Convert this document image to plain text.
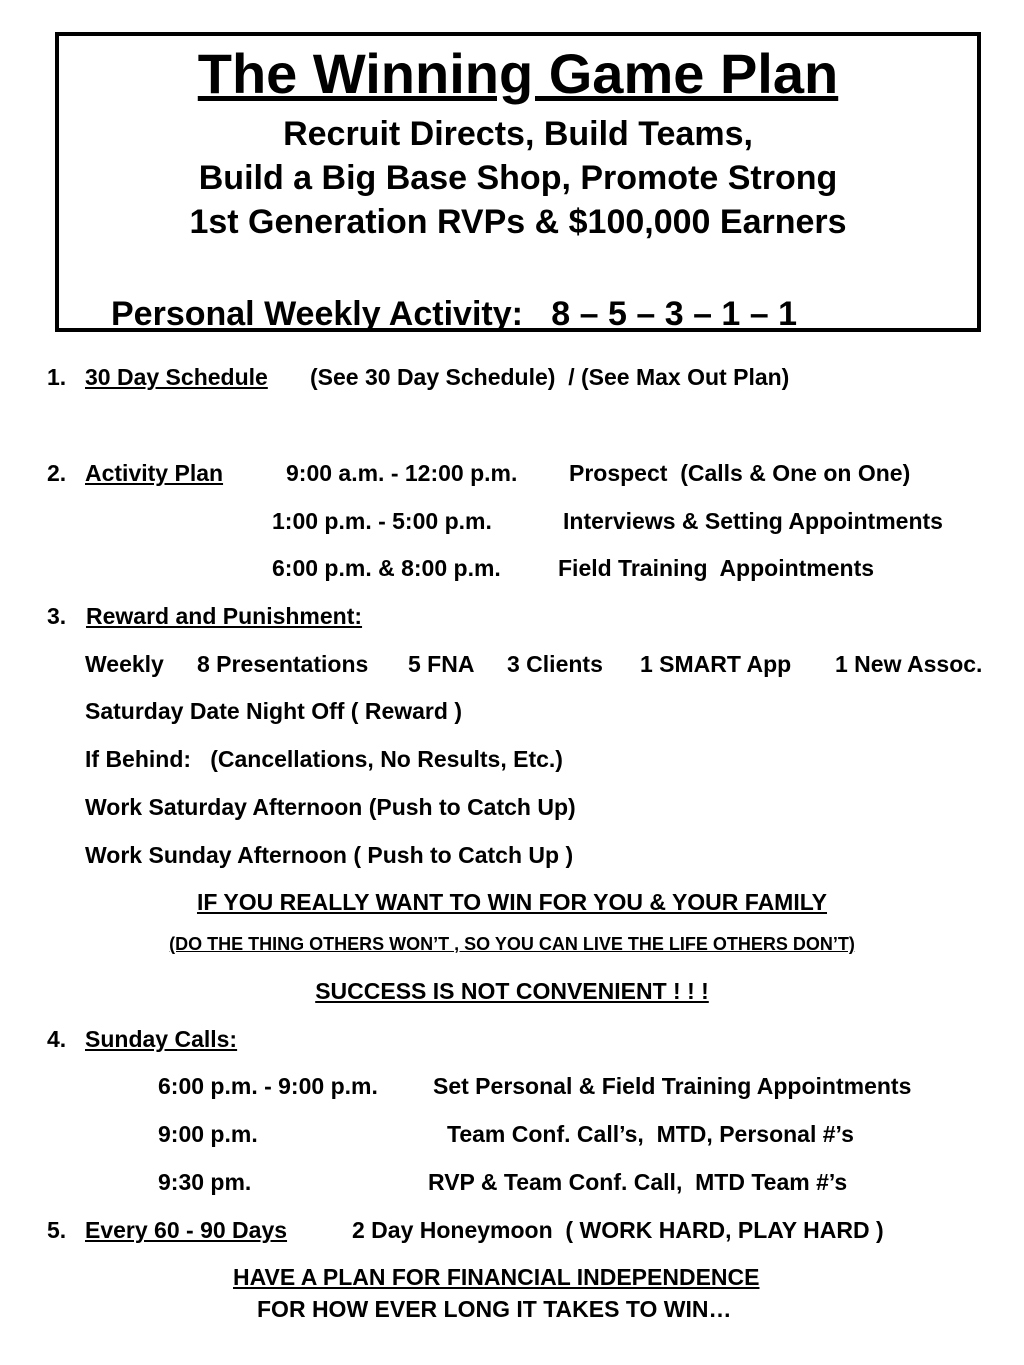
The Winning Game Plan
Recruit Directs, Build Teams,
Build a Big Base Shop, Promote Strong
1st Generation RVPs & $100,000 Earners
Personal Weekly Activity:   8 – 5 – 3 – 1 – 1
1. 30 Day Schedule (See 30 Day Schedule)  / (See Max Out Plan)
2. Activity Plan	9:00 a.m. - 12:00 p.m. Prospect  (Calls & One on One)
1:00 p.m. - 5:00 p.m.	Interviews & Setting Appointments
6:00 p.m. & 8:00 p.m. Field Training  Appointments
3. Reward and Punishment:
Weekly 8 Presentations 5 FNA 3 Clients 1 SMART App 1 New Assoc.
Saturday Date Night Off ( Reward )
If Behind:   (Cancellations, No Results, Etc.)
Work Saturday Afternoon (Push to Catch Up)
Work Sunday Afternoon ( Push to Catch Up )
IF YOU REALLY WANT TO WIN FOR YOU & YOUR FAMILY
(DO THE THING OTHERS WON’T , SO YOU CAN LIVE THE LIFE OTHERS DON’T)
SUCCESS IS NOT CONVENIENT ! ! !
4. Sunday Calls:
6:00 p.m. - 9:00 p.m. Set Personal & Field Training Appointments
9:00 p.m.	Team Conf. Call’s,  MTD, Personal #’s
9:30 pm.	RVP & Team Conf. Call,  MTD Team #’s
5. Every 60 - 90 Days	2 Day Honeymoon  ( WORK HARD, PLAY HARD )
HAVE A PLAN FOR FINANCIAL INDEPENDENCE
FOR HOW EVER LONG IT TAKES TO WIN…
